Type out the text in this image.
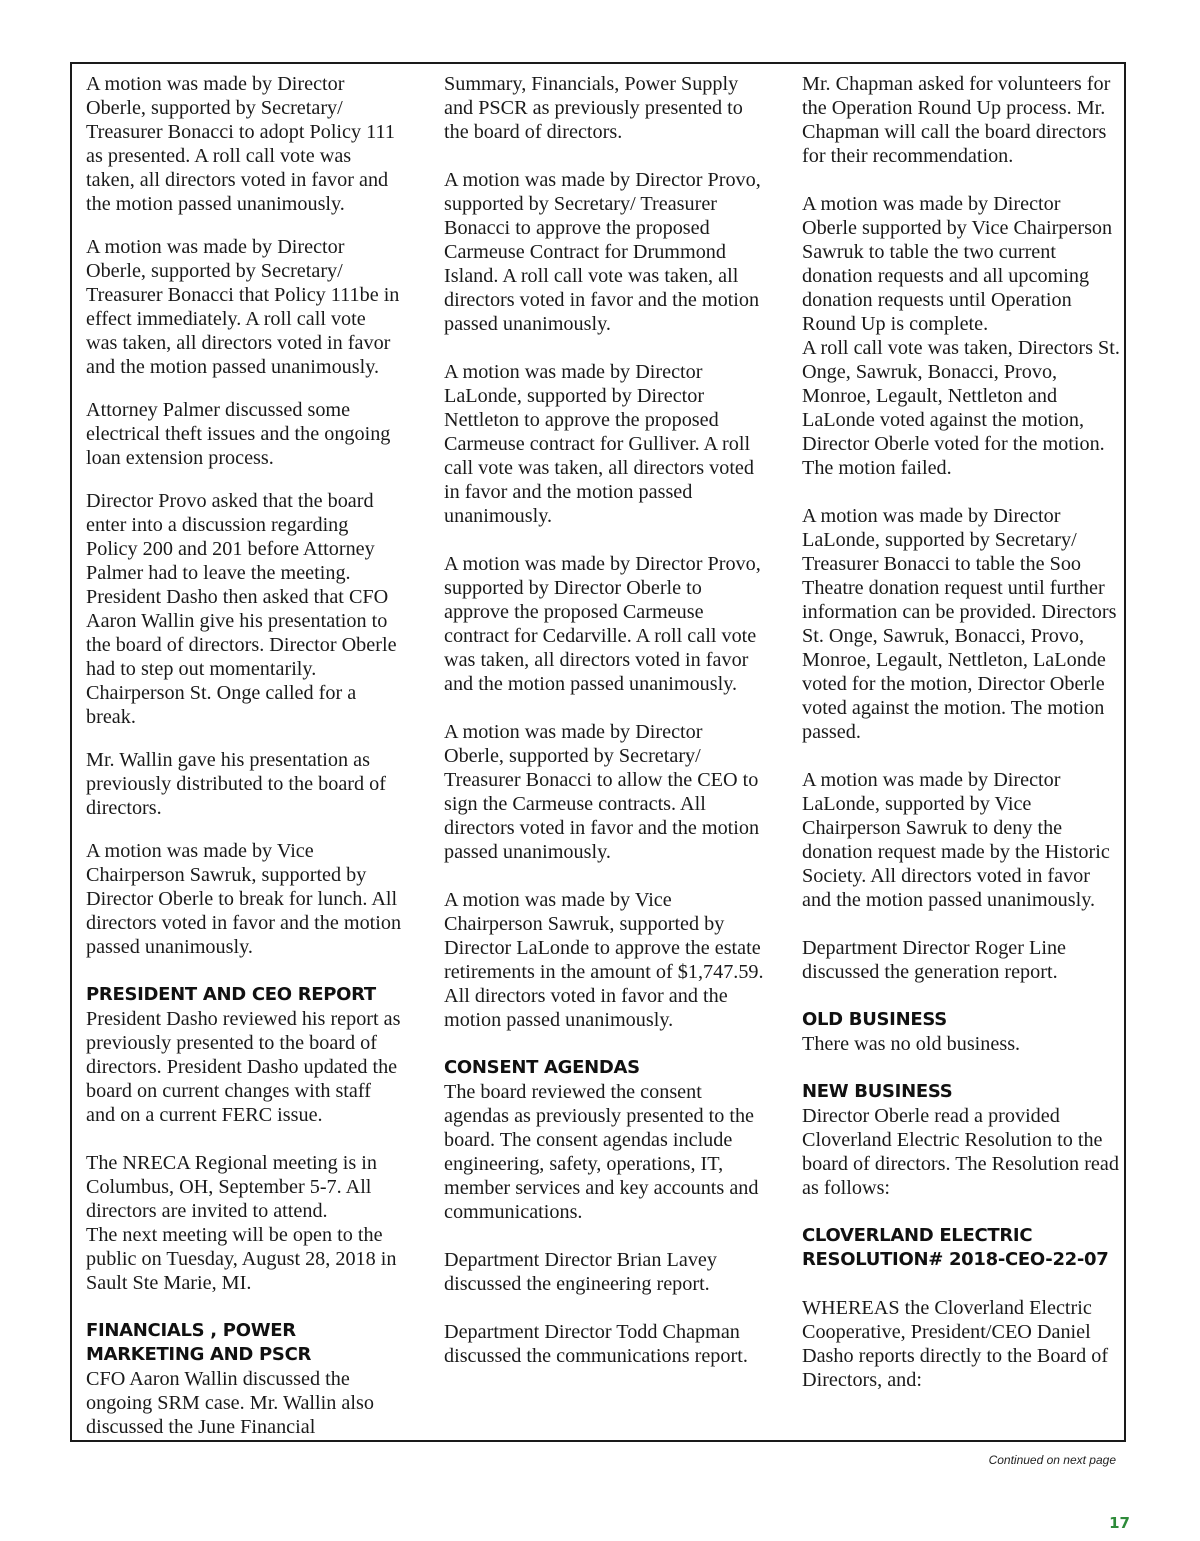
A motion was made by Director Oberle, supported by Secretary/ Treasurer Bonacci to adopt Policy 111 as presented. A roll call vote was taken, all directors voted in favor and the motion passed unanimously.

A motion was made by Director Oberle, supported by Secretary/ Treasurer Bonacci that Policy 111be in effect immediately. A roll call vote was taken, all directors voted in favor and the motion passed unanimously.

Attorney Palmer discussed some electrical theft issues and the ongoing loan extension process.

Director Provo asked that the board enter into a discussion regarding Policy 200 and 201 before Attorney Palmer had to leave the meeting. President Dasho then asked that CFO Aaron Wallin give his presentation to the board of directors. Director Oberle had to step out momentarily. Chairperson St. Onge called for a break.

Mr. Wallin gave his presentation as previously distributed to the board of directors.

A motion was made by Vice Chairperson Sawruk, supported by Director Oberle to break for lunch. All directors voted in favor and the motion passed unanimously.

PRESIDENT AND CEO REPORT

President Dasho reviewed his report as previously presented to the board of directors. President Dasho updated the board on current changes with staff and on a current FERC issue.

The NRECA Regional meeting is in Columbus, OH, September 5-7. All directors are invited to attend.

The next meeting will be open to the public on Tuesday, August 28, 2018 in Sault Ste Marie, MI.

FINANCIALS , POWER MARKETING AND PSCR

CFO Aaron Wallin discussed the ongoing SRM case. Mr. Wallin also discussed the June Financial

Summary, Financials, Power Supply and PSCR as previously presented to the board of directors.

A motion was made by Director Provo, supported by Secretary/ Treasurer Bonacci to approve the proposed Carmeuse Contract for Drummond Island. A roll call vote was taken, all directors voted in favor and the motion passed unanimously.

A motion was made by Director LaLonde, supported by Director Nettleton to approve the proposed Carmeuse contract for Gulliver. A roll call vote was taken, all directors voted in favor and the motion passed unanimously.

A motion was made by Director Provo, supported by Director Oberle to approve the proposed Carmeuse contract for Cedarville. A roll call vote was taken, all directors voted in favor and the motion passed unanimously.

A motion was made by Director Oberle, supported by Secretary/ Treasurer Bonacci to allow the CEO to sign the Carmeuse contracts. All directors voted in favor and the motion passed unanimously.

A motion was made by Vice Chairperson Sawruk, supported by Director LaLonde to approve the estate retirements in the amount of $1,747.59. All directors voted in favor and the motion passed unanimously.

CONSENT AGENDAS

The board reviewed the consent agendas as previously presented to the board. The consent agendas include engineering, safety, operations, IT, member services and key accounts and communications.

Department Director Brian Lavey discussed the engineering report.

Department Director Todd Chapman discussed the communications report.

Mr. Chapman asked for volunteers for the Operation Round Up process. Mr. Chapman will call the board directors for their recommendation.

A motion was made by Director Oberle supported by Vice Chairperson Sawruk to table the two current donation requests and all upcoming donation requests until Operation Round Up is complete.

A roll call vote was taken, Directors St. Onge, Sawruk, Bonacci, Provo, Monroe, Legault, Nettleton and LaLonde voted against the motion, Director Oberle voted for the motion. The motion failed.

A motion was made by Director LaLonde, supported by Secretary/ Treasurer Bonacci to table the Soo Theatre donation request until further information can be provided. Directors St. Onge, Sawruk, Bonacci, Provo, Monroe, Legault, Nettleton, LaLonde voted for the motion, Director Oberle voted against the motion. The motion passed.

A motion was made by Director LaLonde, supported by Vice Chairperson Sawruk to deny the donation request made by the Historic Society. All directors voted in favor and the motion passed unanimously.

Department Director Roger Line discussed the generation report.

OLD BUSINESS

There was no old business.

NEW BUSINESS

Director Oberle read a provided Cloverland Electric Resolution to the board of directors. The Resolution read as follows:

CLOVERLAND ELECTRIC RESOLUTION# 2018-CEO-22-07

WHEREAS the Cloverland Electric Cooperative, President/CEO Daniel Dasho reports directly to the Board of Directors, and:

Continued on next page
17
